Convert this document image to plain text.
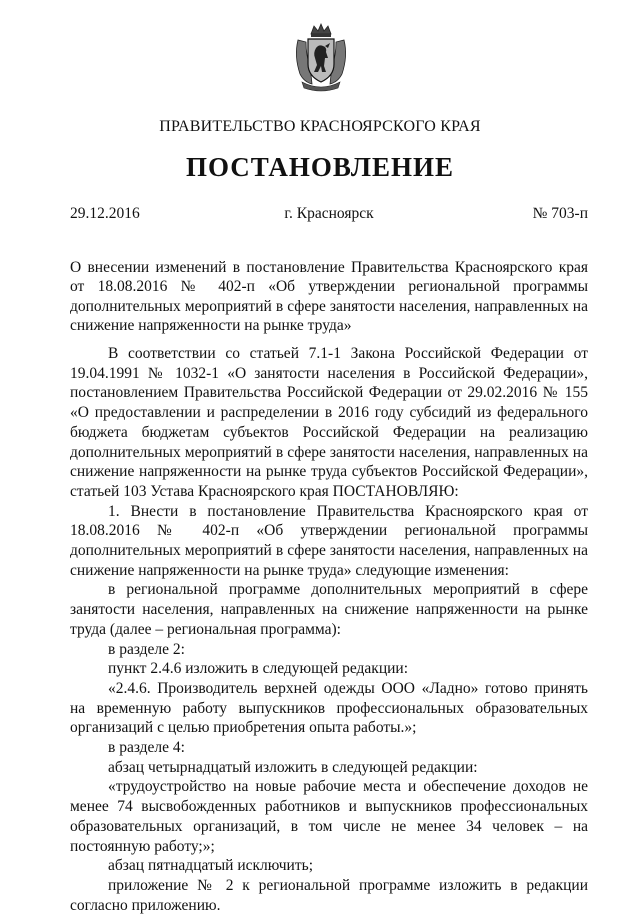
ПРАВИТЕЛЬСТВО КРАСНОЯРСКОГО КРАЯ
ПОСТАНОВЛЕНИЕ
29.12.2016	г. Красноярск	№ 703-п
О внесении изменений в постановление Правительства Красноярского края от 18.08.2016 № 402-п «Об утверждении региональной программы дополнительных мероприятий в сфере занятости населения, направленных на снижение напряженности на рынке труда»

В соответствии со статьей 7.1-1 Закона Российской Федерации от 19.04.1991 № 1032-1 «О занятости населения в Российской Федерации», постановлением Правительства Российской Федерации от 29.02.2016 № 155 «О предоставлении и распределении в 2016 году субсидий из федерального бюджета бюджетам субъектов Российской Федерации на реализацию дополнительных мероприятий в сфере занятости населения, направленных на снижение напряженности на рынке труда субъектов Российской Федерации», статьей 103 Устава Красноярского края ПОСТАНОВЛЯЮ:

1. Внести в постановление Правительства Красноярского края от 18.08.2016 № 402-п «Об утверждении региональной программы дополнительных мероприятий в сфере занятости населения, направленных на снижение напряженности на рынке труда» следующие изменения:

в региональной программе дополнительных мероприятий в сфере занятости населения, направленных на снижение напряженности на рынке труда (далее – региональная программа):

в разделе 2:

пункт 2.4.6 изложить в следующей редакции:

«2.4.6. Производитель верхней одежды ООО «Ладно» готово принять на временную работу выпускников профессиональных образовательных организаций с целью приобретения опыта работы.»;

в разделе 4:

абзац четырнадцатый изложить в следующей редакции:

«трудоустройство на новые рабочие места и обеспечение доходов не менее 74 высвобожденных работников и выпускников профессиональных образовательных организаций, в том числе не менее 34 человек – на постоянную работу;»;

абзац пятнадцатый исключить;

приложение № 2 к региональной программе изложить в редакции согласно приложению.
